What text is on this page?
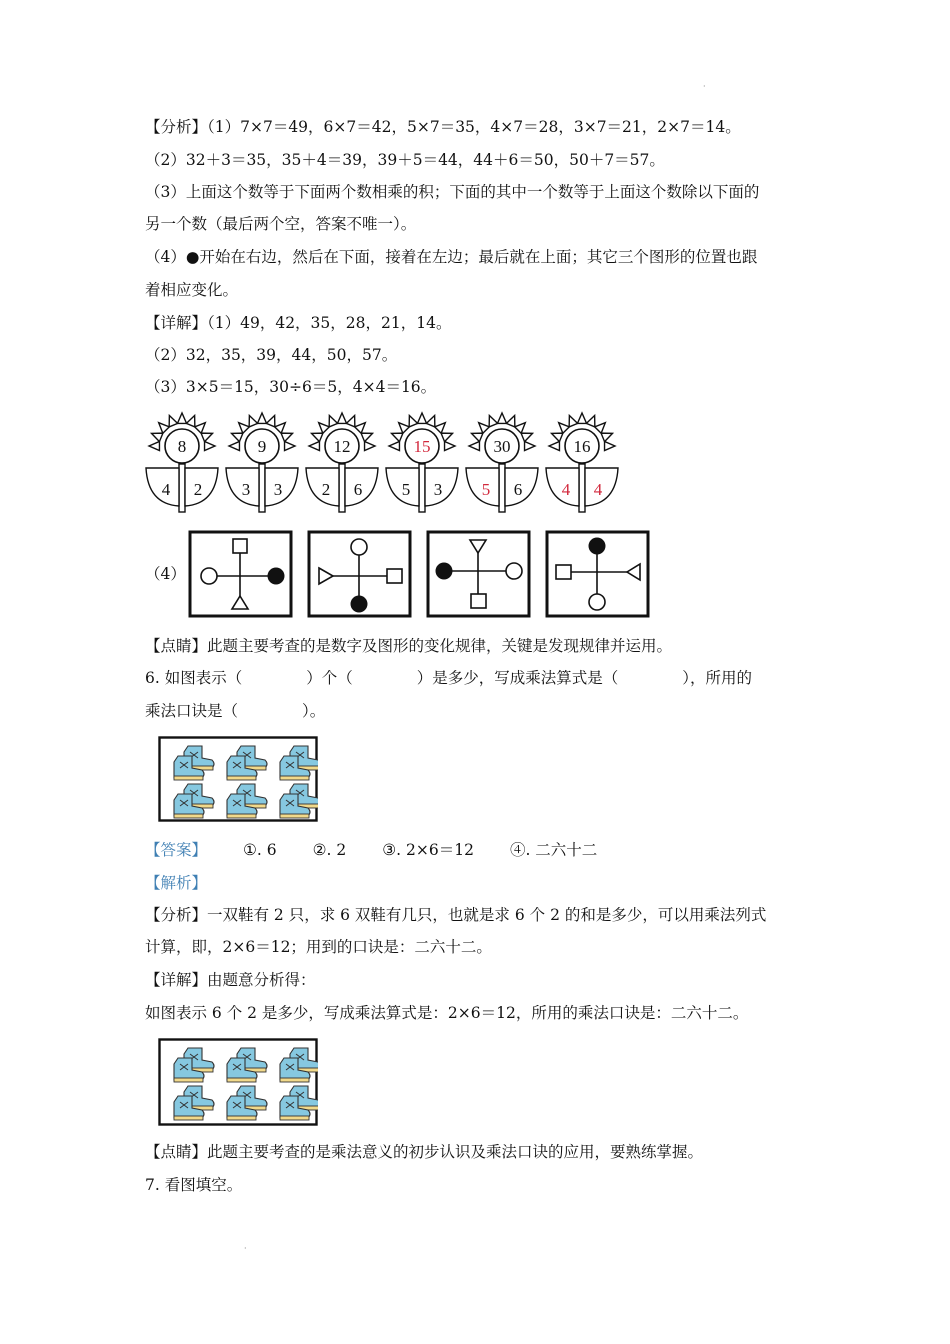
·
·
【分析】（1）7×7＝49，6×7＝42，5×7＝35，4×7＝28，3×7＝21，2×7＝14。
（2）32＋3＝35，35＋4＝39，39＋5＝44，44＋6＝50，50＋7＝57。
（3）上面这个数等于下面两个数相乘的积；下面的其中一个数等于上面这个数除以下面的
另一个数（最后两个空，答案不唯一）。
（4）●开始在右边，然后在下面，接着在左边；最后就在上面；其它三个图形的位置也跟
着相应变化。
【详解】（1）49，42，35，28，21，14。
（2）32，35，39，44，50，57。
（3）3×5＝15，30÷6＝5，4×4＝16。
8
4 2
9
3 3
12
2 6
15
5 3
30
5 6
16
4 4
（4）
【点睛】此题主要考查的是数字及图形的变化规律，关键是发现规律并运用。
6. 如图表示（	）个（	）是多少，写成乘法算式是（	），所用的
乘法口诀是（	）。
【答案】 ①. 6 ②. 2 ③. 2×6＝12 ④. 二六十二
【解析】
【分析】一双鞋有 2 只，求 6 双鞋有几只，也就是求 6 个 2 的和是多少，可以用乘法列式
计算，即，2×6＝12；用到的口诀是：二六十二。
【详解】由题意分析得：
如图表示 6 个 2 是多少，写成乘法算式是：2×6＝12，所用的乘法口诀是：二六十二。
【点睛】此题主要考查的是乘法意义的初步认识及乘法口诀的应用，要熟练掌握。
7. 看图填空。
